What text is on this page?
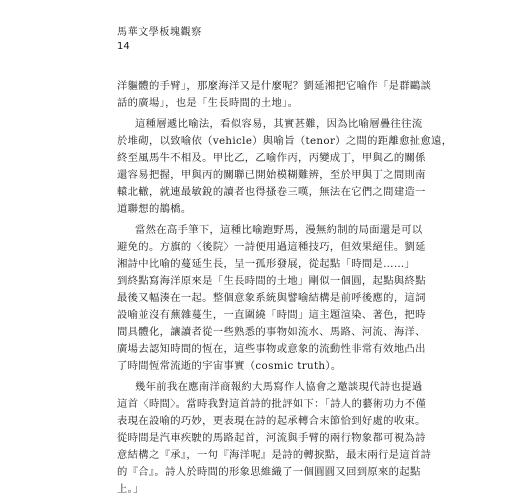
馬華文學板塊觀察
14
洋軀體的手臂」，那麼海洋又是什麼呢？劉延湘把它喻作「是群鷗談
話的廣場」，也是「生長時間的土地」。
這種層遞比喻法，看似容易，其實甚難，因為比喻層疊往往流
於堆砌，以致喻依（vehicle）與喻旨（tenor）之間的距離愈扯愈遠，
終至風馬牛不相及。甲比乙，乙喻作丙，丙變成丁，甲與乙的關係
還容易把握，甲與丙的關聯已開始模糊難辨，至於甲與丁之間則南
轅北轍，就連最敏銳的讀者也得搔卷三嘆，無法在它們之間建造一
道聯想的鵲橋。
當然在高手筆下，這種比喻跑野馬，漫無約制的局面還是可以
避免的。方旗的〈後院〉一詩便用過這種技巧，但效果絕佳。劉延
湘詩中比喻的蔓延生長，呈一孤形發展，從起點「時間是……」
到終點寫海洋原來是「生長時間的土地」剛似一個圓，起點與終點
最後又幅湊在一起。整個意象系統與譬喻結構是前呼後應的，這詞
設喻並沒有蕪雜蔓生，一直圍繞「時間」這主題渲染、著色，把時
間具體化，讓讀者從一些熟悉的事物如流水、馬路、河流、海洋、
廣場去認知時間的恆在，這些事物或意象的流動性非常有效地凸出
了時間恆常流逝的宇宙事實（cosmic truth）。
幾年前我在應南洋商報約大馬寫作人協會之邀談現代詩也提過
這首〈時間〉。當時我對這首詩的批評如下：「詩人的藝術功力不僅
表現在設喻的巧妙，更表現在詩的起承轉合末節恰到好處的收束。
從時間是汽車疾駛的馬路起首，河流與手臂的兩行物象都可視為詩
意結構之『承』，一句『海洋呢』是詩的轉捩點，最末兩行是這首詩
的『合』。詩人於時間的形象思維織了一個圓圓又回到原來的起點
上。」
